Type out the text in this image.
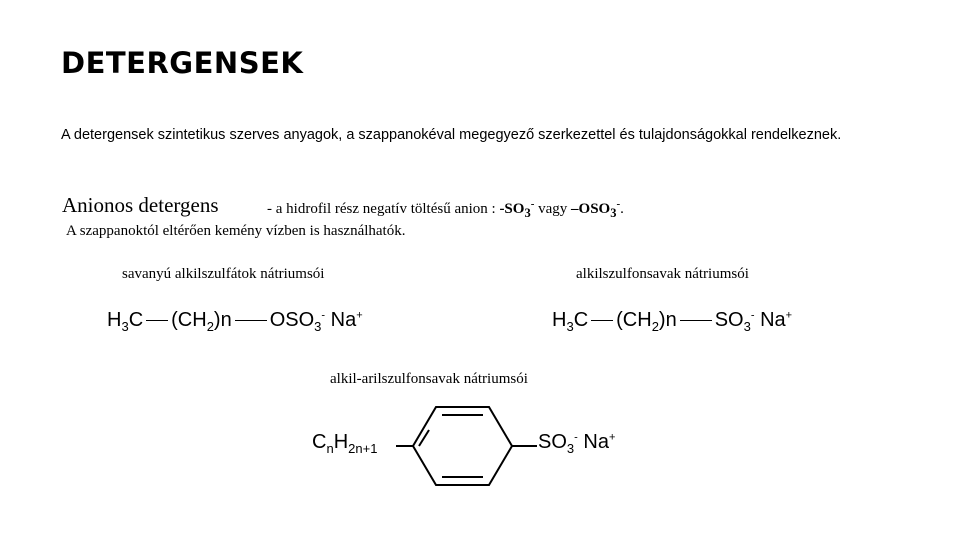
DETERGENSEK
A detergensek szintetikus szerves anyagok, a szappanokéval megegyező szerkezettel és tulajdonságokkal rendelkeznek.
Anionos detergens	- a hidrofil rész negatív töltésű anion : $-SO_3^-$ vagy $-OSO_3^-$.
A szappanoktól eltérően kemény vízben is használhatók.
savanyú alkilszulfátok nátriumsói	alkilszulfonsavak nátriumsói
alkil-arilszulfonsavak nátriumsói
$H_3C$ $(CH_2)n$ $OSO_3^-$ Na+	$H_3C$ $(CH_2)n$ $SO_3^-$ Na+
$C_nH_{2n+1}$	$SO_3^-$ Na+
